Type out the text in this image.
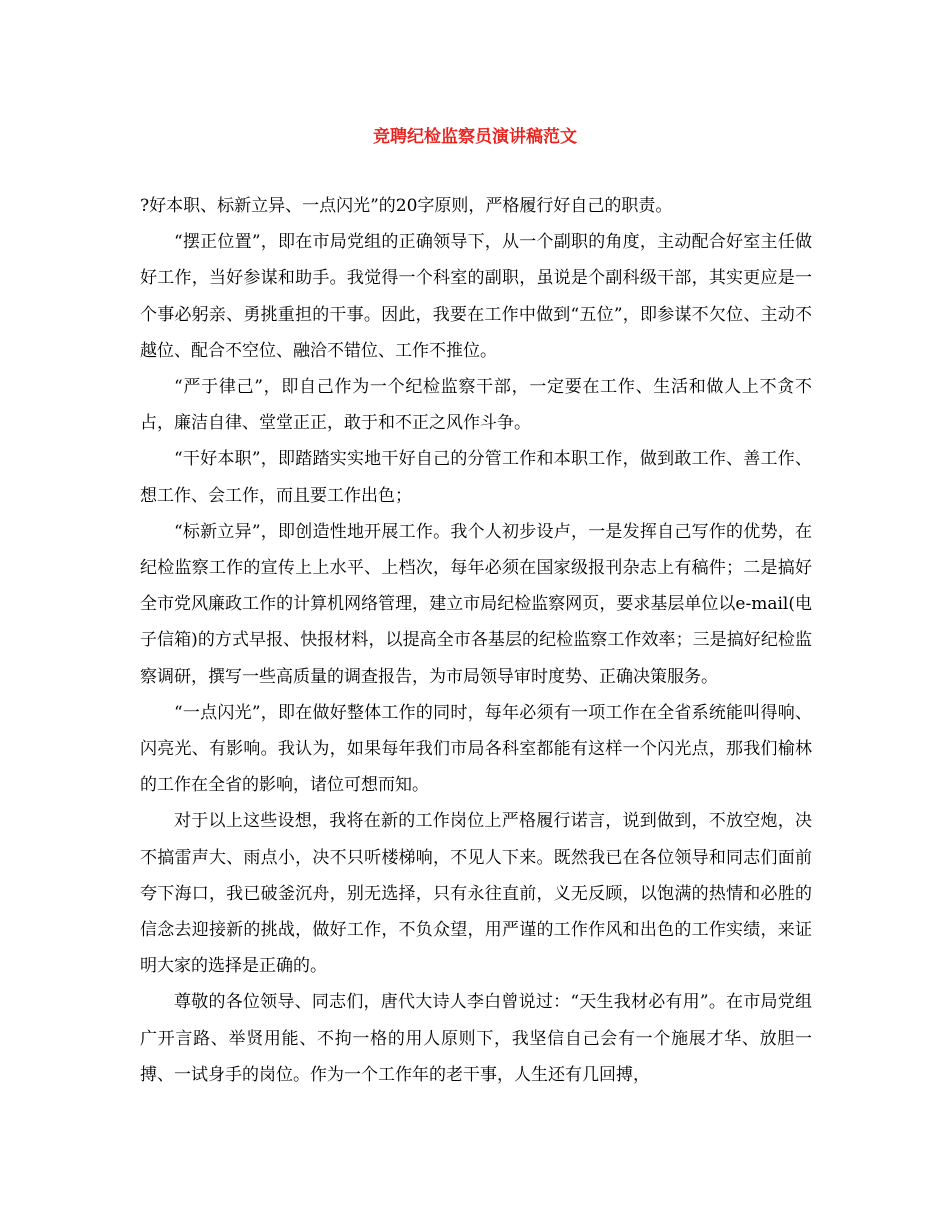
竞聘纪检监察员演讲稿范文

?好本职、标新立异、一点闪光”的20字原则，严格履行好自己的职责。

“摆正位置”，即在市局党组的正确领导下，从一个副职的角度，主动配合好室主任做好工作，当好参谋和助手。我觉得一个科室的副职，虽说是个副科级干部，其实更应是一个事必躬亲、勇挑重担的干事。因此，我要在工作中做到“五位”，即参谋不欠位、主动不越位、配合不空位、融洽不错位、工作不推位。

“严于律己”，即自己作为一个纪检监察干部，一定要在工作、生活和做人上不贪不占，廉洁自律、堂堂正正，敢于和不正之风作斗争。

“干好本职”，即踏踏实实地干好自己的分管工作和本职工作，做到敢工作、善工作、想工作、会工作，而且要工作出色；

“标新立异”，即创造性地开展工作。我个人初步设卢，一是发挥自己写作的优势，在纪检监察工作的宣传上上水平、上档次，每年必须在国家级报刊杂志上有稿件；二是搞好全市党风廉政工作的计算机网络管理，建立市局纪检监察网页，要求基层单位以e-mail(电子信箱)的方式早报、快报材料，以提高全市各基层的纪检监察工作效率；三是搞好纪检监察调研，撰写一些高质量的调查报告，为市局领导审时度势、正确决策服务。

“一点闪光”，即在做好整体工作的同时，每年必须有一项工作在全省系统能叫得响、闪亮光、有影响。我认为，如果每年我们市局各科室都能有这样一个闪光点，那我们榆林的工作在全省的影响，诸位可想而知。

对于以上这些设想，我将在新的工作岗位上严格履行诺言，说到做到，不放空炮，决不搞雷声大、雨点小，决不只听楼梯响，不见人下来。既然我已在各位领导和同志们面前夸下海口，我已破釜沉舟，别无选择，只有永往直前，义无反顾，以饱满的热情和必胜的信念去迎接新的挑战，做好工作，不负众望，用严谨的工作作风和出色的工作实绩，来证明大家的选择是正确的。

尊敬的各位领导、同志们，唐代大诗人李白曾说过：“天生我材必有用”。在市局党组广开言路、举贤用能、不拘一格的用人原则下，我坚信自己会有一个施展才华、放胆一搏、一试身手的岗位。作为一个工作年的老干事，人生还有几回搏，
